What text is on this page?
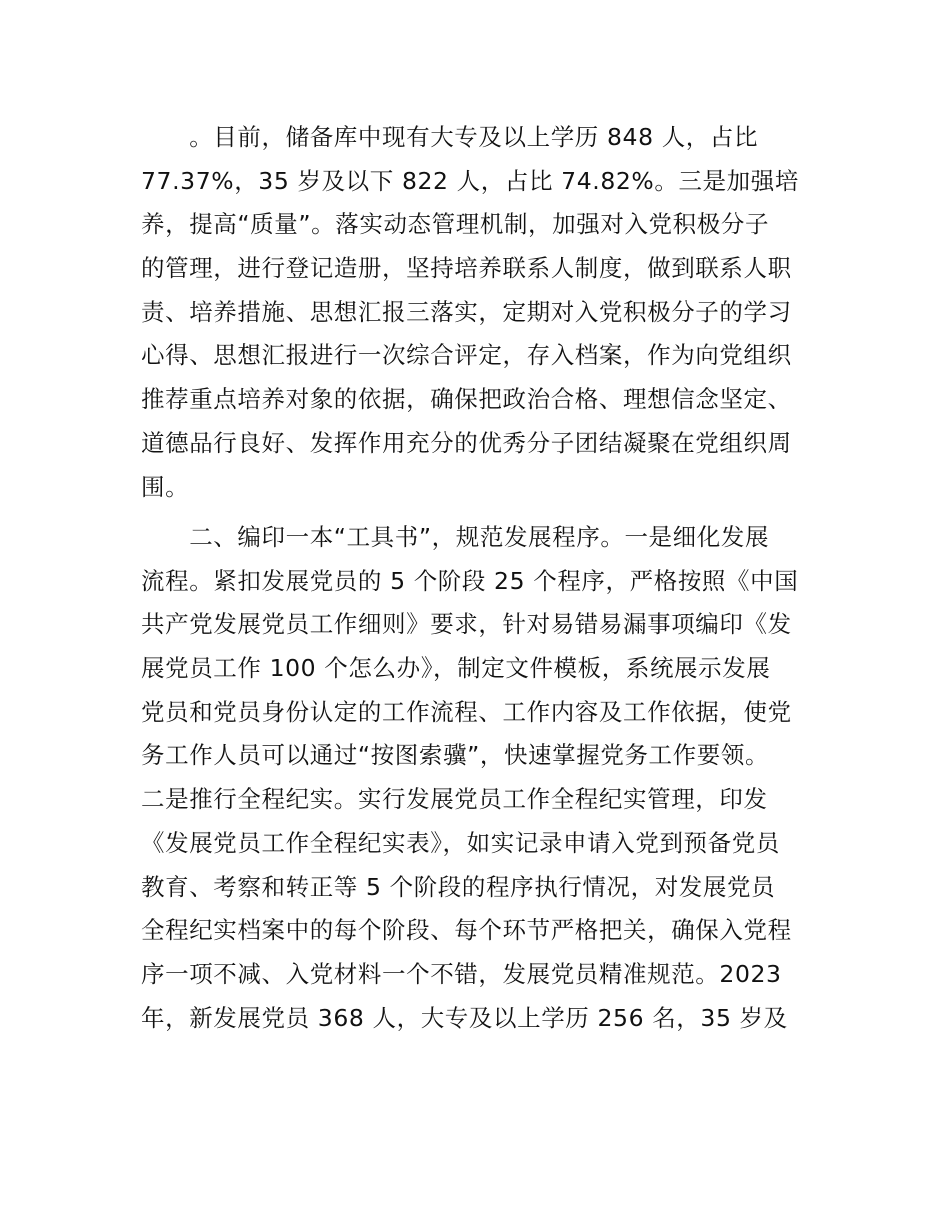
　　。目前，储备库中现有大专及以上学历 848 人，占比
77.37%，35 岁及以下 822 人，占比 74.82%。三是加强培
养，提高“质量”。落实动态管理机制，加强对入党积极分子
的管理，进行登记造册，坚持培养联系人制度，做到联系人职
责、培养措施、思想汇报三落实，定期对入党积极分子的学习
心得、思想汇报进行一次综合评定，存入档案，作为向党组织
推荐重点培养对象的依据，确保把政治合格、理想信念坚定、
道德品行良好、发挥作用充分的优秀分子团结凝聚在党组织周
围。
　　二、编印一本“工具书”，规范发展程序。一是细化发展
流程。紧扣发展党员的 5 个阶段 25 个程序，严格按照《中国
共产党发展党员工作细则》要求，针对易错易漏事项编印《发
展党员工作 100 个怎么办》，制定文件模板，系统展示发展
党员和党员身份认定的工作流程、工作内容及工作依据，使党
务工作人员可以通过“按图索骥”，快速掌握党务工作要领。
二是推行全程纪实。实行发展党员工作全程纪实管理，印发
《发展党员工作全程纪实表》，如实记录申请入党到预备党员
教育、考察和转正等 5 个阶段的程序执行情况，对发展党员
全程纪实档案中的每个阶段、每个环节严格把关，确保入党程
序一项不减、入党材料一个不错，发展党员精准规范。2023
年，新发展党员 368 人，大专及以上学历 256 名，35 岁及
